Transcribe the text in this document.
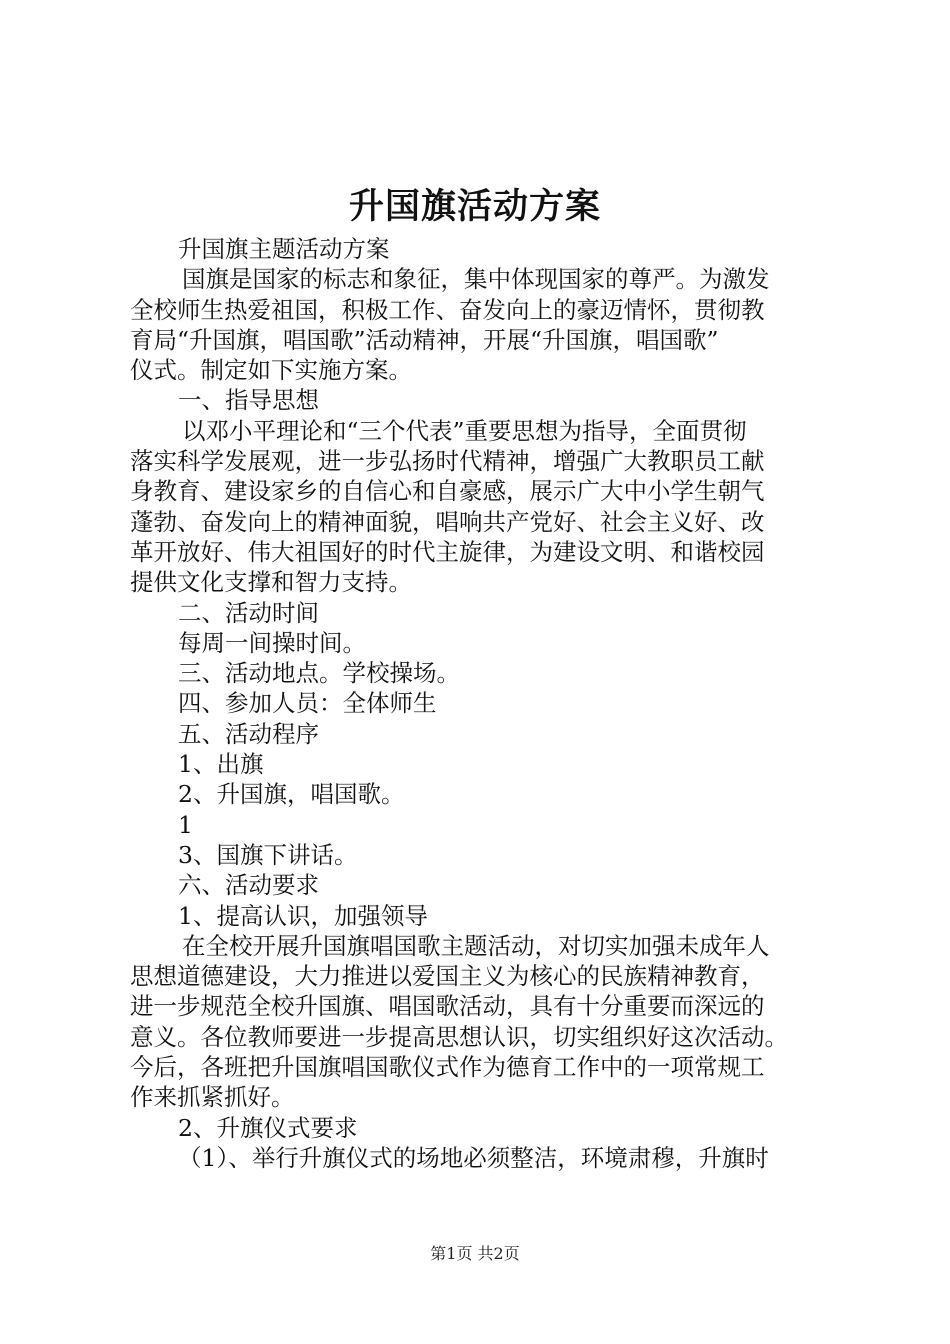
升国旗活动方案
升国旗主题活动方案
国旗是国家的标志和象征，集中体现国家的尊严。为激发
全校师生热爱祖国，积极工作、奋发向上的豪迈情怀，贯彻教
育局“升国旗，唱国歌”活动精神，开展“升国旗，唱国歌”
仪式。制定如下实施方案。
一、指导思想
以邓小平理论和“三个代表”重要思想为指导，全面贯彻
落实科学发展观，进一步弘扬时代精神，增强广大教职员工献
身教育、建设家乡的自信心和自豪感，展示广大中小学生朝气
蓬勃、奋发向上的精神面貌，唱响共产党好、社会主义好、改
革开放好、伟大祖国好的时代主旋律，为建设文明、和谐校园
提供文化支撑和智力支持。
二、活动时间
每周一间操时间。
三、活动地点。学校操场。
四、参加人员：全体师生
五、活动程序
1、出旗
2、升国旗，唱国歌。
1
3、国旗下讲话。
六、活动要求
1、提高认识，加强领导
在全校开展升国旗唱国歌主题活动，对切实加强未成年人
思想道德建设，大力推进以爱国主义为核心的民族精神教育，
进一步规范全校升国旗、唱国歌活动，具有十分重要而深远的
意义。各位教师要进一步提高思想认识，切实组织好这次活动。
今后，各班把升国旗唱国歌仪式作为德育工作中的一项常规工
作来抓紧抓好。
2、升旗仪式要求
（1）、举行升旗仪式的场地必须整洁，环境肃穆，升旗时
第1页 共2页
